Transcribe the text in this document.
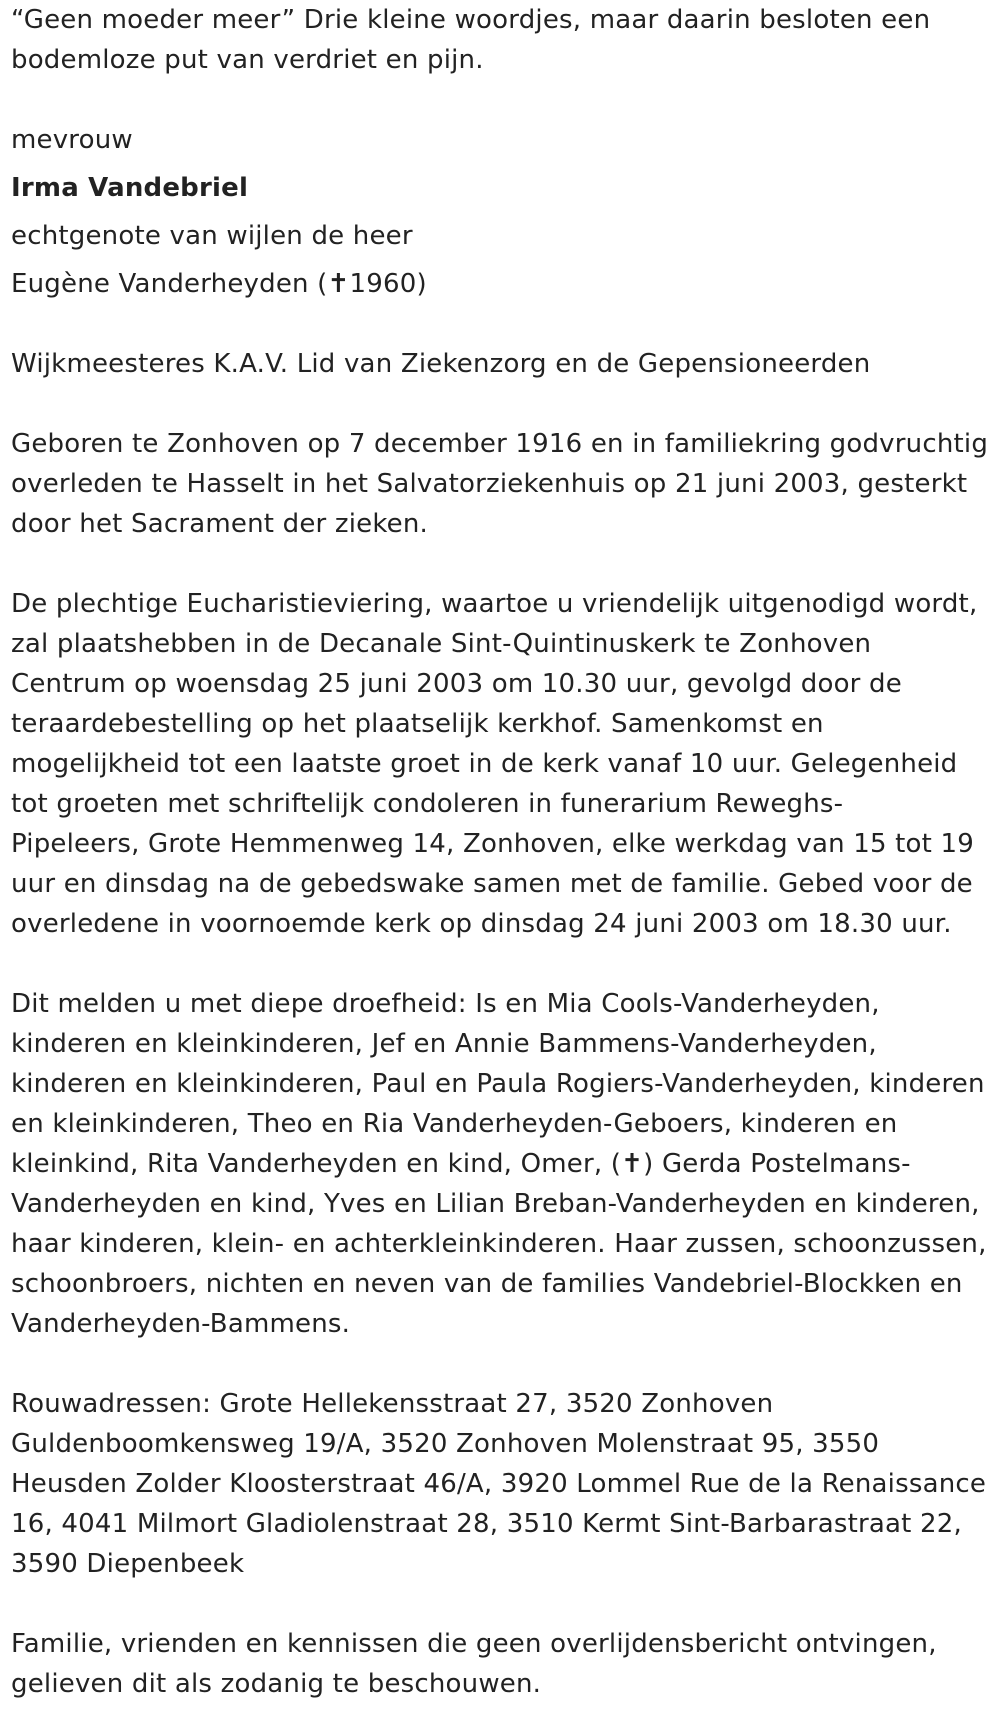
“Geen moeder meer” Drie kleine woordjes, maar daarin besloten een
bodemloze put van verdriet en pijn.
mevrouw
Irma Vandebriel
echtgenote van wijlen de heer
Eugène Vanderheyden (✝1960)
Wijkmeesteres K.A.V. Lid van Ziekenzorg en de Gepensioneerden
Geboren te Zonhoven op 7 december 1916 en in familiekring godvruchtig
overleden te Hasselt in het Salvatorziekenhuis op 21 juni 2003, gesterkt
door het Sacrament der zieken.
De plechtige Eucharistieviering, waartoe u vriendelijk uitgenodigd wordt,
zal plaatshebben in de Decanale Sint-Quintinuskerk te Zonhoven
Centrum op woensdag 25 juni 2003 om 10.30 uur, gevolgd door de
teraardebestelling op het plaatselijk kerkhof. Samenkomst en
mogelijkheid tot een laatste groet in de kerk vanaf 10 uur. Gelegenheid
tot groeten met schriftelijk condoleren in funerarium Reweghs-
Pipeleers, Grote Hemmenweg 14, Zonhoven, elke werkdag van 15 tot 19
uur en dinsdag na de gebedswake samen met de familie. Gebed voor de
overledene in voornoemde kerk op dinsdag 24 juni 2003 om 18.30 uur.
Dit melden u met diepe droefheid: Is en Mia Cools-Vanderheyden,
kinderen en kleinkinderen, Jef en Annie Bammens-Vanderheyden,
kinderen en kleinkinderen, Paul en Paula Rogiers-Vanderheyden, kinderen
en kleinkinderen, Theo en Ria Vanderheyden-Geboers, kinderen en
kleinkind, Rita Vanderheyden en kind, Omer, (✝) Gerda Postelmans-
Vanderheyden en kind, Yves en Lilian Breban-Vanderheyden en kinderen,
haar kinderen, klein- en achterkleinkinderen. Haar zussen, schoonzussen,
schoonbroers, nichten en neven van de families Vandebriel-Blockken en
Vanderheyden-Bammens.
Rouwadressen: Grote Hellekensstraat 27, 3520 Zonhoven
Guldenboomkensweg 19/A, 3520 Zonhoven Molenstraat 95, 3550
Heusden Zolder Kloosterstraat 46/A, 3920 Lommel Rue de la Renaissance
16, 4041 Milmort Gladiolenstraat 28, 3510 Kermt Sint-Barbarastraat 22,
3590 Diepenbeek
Familie, vrienden en kennissen die geen overlijdensbericht ontvingen,
gelieven dit als zodanig te beschouwen.
